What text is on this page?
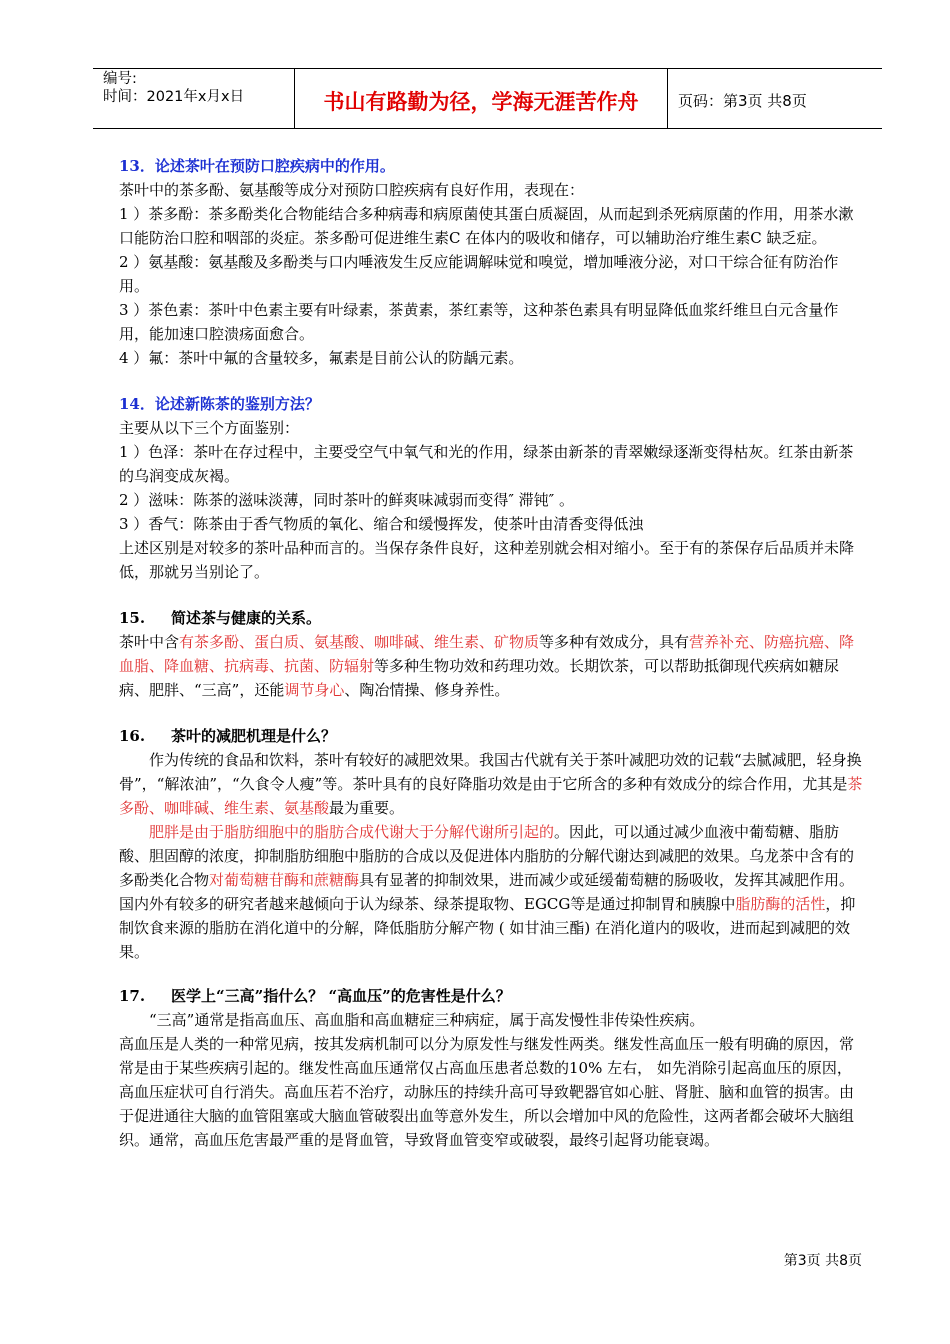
编号:
时间：2021年x月x日	书山有路勤为径，学海无涯苦作舟	页码：第3页 共8页

13．论述茶叶在预防口腔疾病中的作用。

茶叶中的茶多酚、氨基酸等成分对预防口腔疾病有良好作用，表现在：

1 ）茶多酚：茶多酚类化合物能结合多种病毒和病原菌使其蛋白质凝固，从而起到杀死病原菌的作用，用茶水漱口能防治口腔和咽部的炎症。茶多酚可促进维生素C 在体内的吸收和储存，可以辅助治疗维生素C 缺乏症。

2 ）氨基酸：氨基酸及多酚类与口内唾液发生反应能调解味觉和嗅觉，增加唾液分泌，对口干综合征有防治作用。

3 ）茶色素：茶叶中色素主要有叶绿素，茶黄素，茶红素等，这种茶色素具有明显降低血浆纤维旦白元含量作用，能加速口腔溃疡面愈合。

4 ）氟：茶叶中氟的含量较多，氟素是目前公认的防龋元素。

14．论述新陈茶的鉴别方法？

主要从以下三个方面鉴别：

1 ）色泽：茶叶在存过程中，主要受空气中氧气和光的作用，绿茶由新茶的青翠嫩绿逐渐变得枯灰。红茶由新茶的乌润变成灰褐。

2 ）滋味：陈茶的滋味淡薄，同时茶叶的鲜爽味减弱而变得″ 滞钝″ 。

3 ）香气：陈茶由于香气物质的氧化、缩合和缓慢挥发，使茶叶由清香变得低浊

上述区别是对较多的茶叶品种而言的。当保存条件良好，这种差别就会相对缩小。至于有的茶保存后品质并未降低，那就另当别论了。

15. 简述茶与健康的关系。

茶叶中含有茶多酚、蛋白质、氨基酸、咖啡碱、维生素、矿物质等多种有效成分，具有营养补充、防癌抗癌、降血脂、降血糖、抗病毒、抗菌、防辐射等多种生物功效和药理功效。长期饮茶，可以帮助抵御现代疾病如糖尿病、肥胖、“三高”，还能调节身心、陶冶情操、修身养性。

16. 茶叶的减肥机理是什么？

作为传统的食品和饮料，茶叶有较好的减肥效果。我国古代就有关于茶叶减肥功效的记载“去腻减肥，轻身换骨”，“解浓油”，“久食令人瘦”等。茶叶具有的良好降脂功效是由于它所含的多种有效成分的综合作用，尤其是茶多酚、咖啡碱、维生素、氨基酸最为重要。

肥胖是由于脂肪细胞中的脂肪合成代谢大于分解代谢所引起的。因此，可以通过减少血液中葡萄糖、脂肪酸、胆固醇的浓度，抑制脂肪细胞中脂肪的合成以及促进体内脂肪的分解代谢达到减肥的效果。乌龙茶中含有的多酚类化合物对葡萄糖苷酶和蔗糖酶具有显著的抑制效果，进而减少或延缓葡萄糖的肠吸收，发挥其减肥作用。国内外有较多的研究者越来越倾向于认为绿茶、绿茶提取物、EGCG等是通过抑制胃和胰腺中脂肪酶的活性，抑制饮食来源的脂肪在消化道中的分解，降低脂肪分解产物 ( 如甘油三酯) 在消化道内的吸收，进而起到减肥的效果。

17. 医学上“三高”指什么？ “高血压”的危害性是什么？

“三高”通常是指高血压、高血脂和高血糖症三种病症，属于高发慢性非传染性疾病。

高血压是人类的一种常见病，按其发病机制可以分为原发性与继发性两类。继发性高血压一般有明确的原因，常常是由于某些疾病引起的。继发性高血压通常仅占高血压患者总数的10% 左右， 如先消除引起高血压的原因，高血压症状可自行消失。高血压若不治疗，动脉压的持续升高可导致靶器官如心脏、肾脏、脑和血管的损害。由于促进通往大脑的血管阻塞或大脑血管破裂出血等意外发生，所以会增加中风的危险性，这两者都会破坏大脑组织。通常，高血压危害最严重的是肾血管，导致肾血管变窄或破裂，最终引起肾功能衰竭。

第3页 共8页
